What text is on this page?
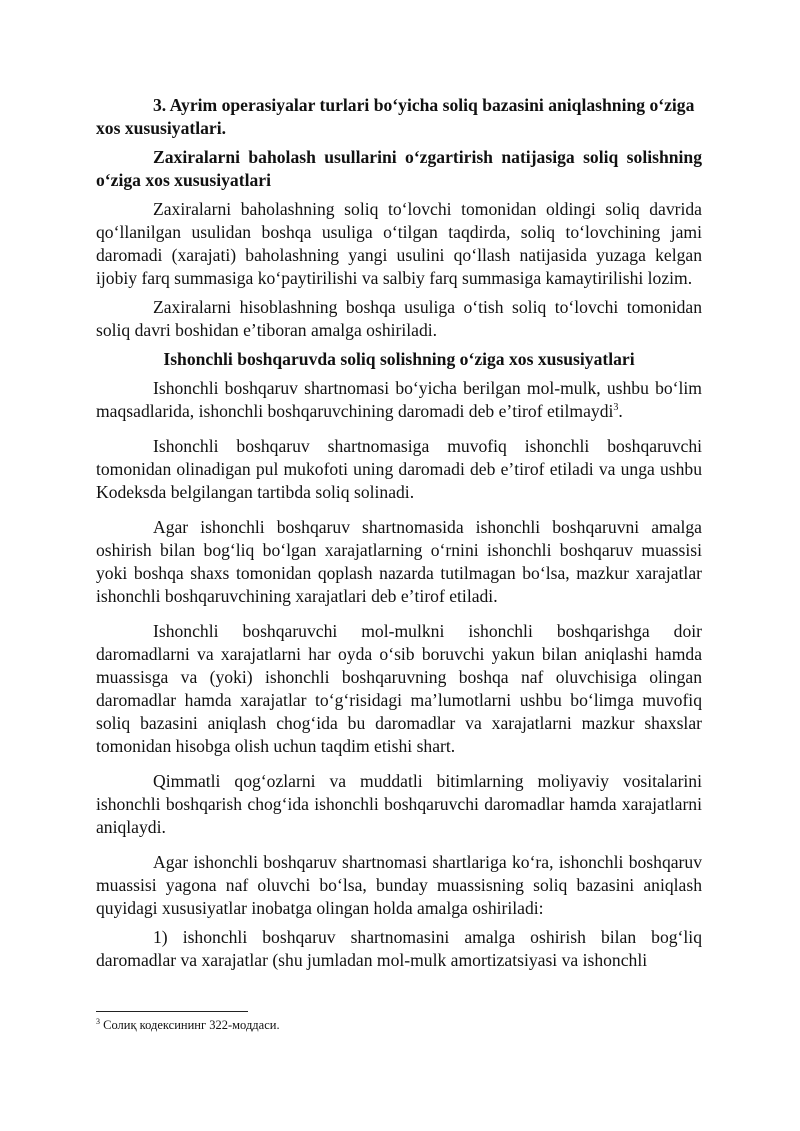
3. Ayrim operasiyalar turlari boʻyicha soliq bazasini aniqlashning oʻziga xos xususiyatlari.
Zaxiralarni baholash usullarini oʻzgartirish natijasiga soliq solishning oʻziga xos xususiyatlari

Zaxiralarni baholashning soliq toʻlovchi tomonidan oldingi soliq davrida qoʻllanilgan usulidan boshqa usuliga oʻtilgan taqdirda, soliq toʻlovchining jami daromadi (xarajati) baholashning yangi usulini qoʻllash natijasida yuzaga kelgan ijobiy farq summasiga koʻpaytirilishi va salbiy farq summasiga kamaytirilishi lozim.

Zaxiralarni hisoblashning boshqa usuliga oʻtish soliq toʻlovchi tomonidan soliq davri boshidan eʼtiboran amalga oshiriladi.

Ishonchli boshqaruvda soliq solishning oʻziga xos xususiyatlari

Ishonchli boshqaruv shartnomasi boʻyicha berilgan mol-mulk, ushbu boʻlim maqsadlarida, ishonchli boshqaruvchining daromadi deb eʼtirof etilmaydi$^3$.

Ishonchli boshqaruv shartnomasiga muvofiq ishonchli boshqaruvchi tomonidan olinadigan pul mukofoti uning daromadi deb eʼtirof etiladi va unga ushbu Kodeksda belgilangan tartibda soliq solinadi.

Agar ishonchli boshqaruv shartnomasida ishonchli boshqaruvni amalga oshirish bilan bogʻliq boʻlgan xarajatlarning oʻrnini ishonchli boshqaruv muassisi yoki boshqa shaxs tomonidan qoplash nazarda tutilmagan boʻlsa, mazkur xarajatlar ishonchli boshqaruvchining xarajatlari deb eʼtirof etiladi.

Ishonchli boshqaruvchi mol-mulkni ishonchli boshqarishga doir daromadlarni va xarajatlarni har oyda oʻsib boruvchi yakun bilan aniqlashi hamda muassisga va (yoki) ishonchli boshqaruvning boshqa naf oluvchisiga olingan daromadlar hamda xarajatlar toʻgʻrisidagi maʼlumotlarni ushbu boʻlimga muvofiq soliq bazasini aniqlash chogʻida bu daromadlar va xarajatlarni mazkur shaxslar tomonidan hisobga olish uchun taqdim etishi shart.

Qimmatli qogʻozlarni va muddatli bitimlarning moliyaviy vositalarini ishonchli boshqarish chogʻida ishonchli boshqaruvchi daromadlar hamda xarajatlarni aniqlaydi.

Agar ishonchli boshqaruv shartnomasi shartlariga koʻra, ishonchli boshqaruv muassisi yagona naf oluvchi boʻlsa, bunday muassisning soliq bazasini aniqlash quyidagi xususiyatlar inobatga olingan holda amalga oshiriladi:

1) ishonchli boshqaruv shartnomasini amalga oshirish bilan bogʻliq daromadlar va xarajatlar (shu jumladan mol-mulk amortizatsiyasi va ishonchli

$^3$ Солиқ кодексининг 322-моддаси.
